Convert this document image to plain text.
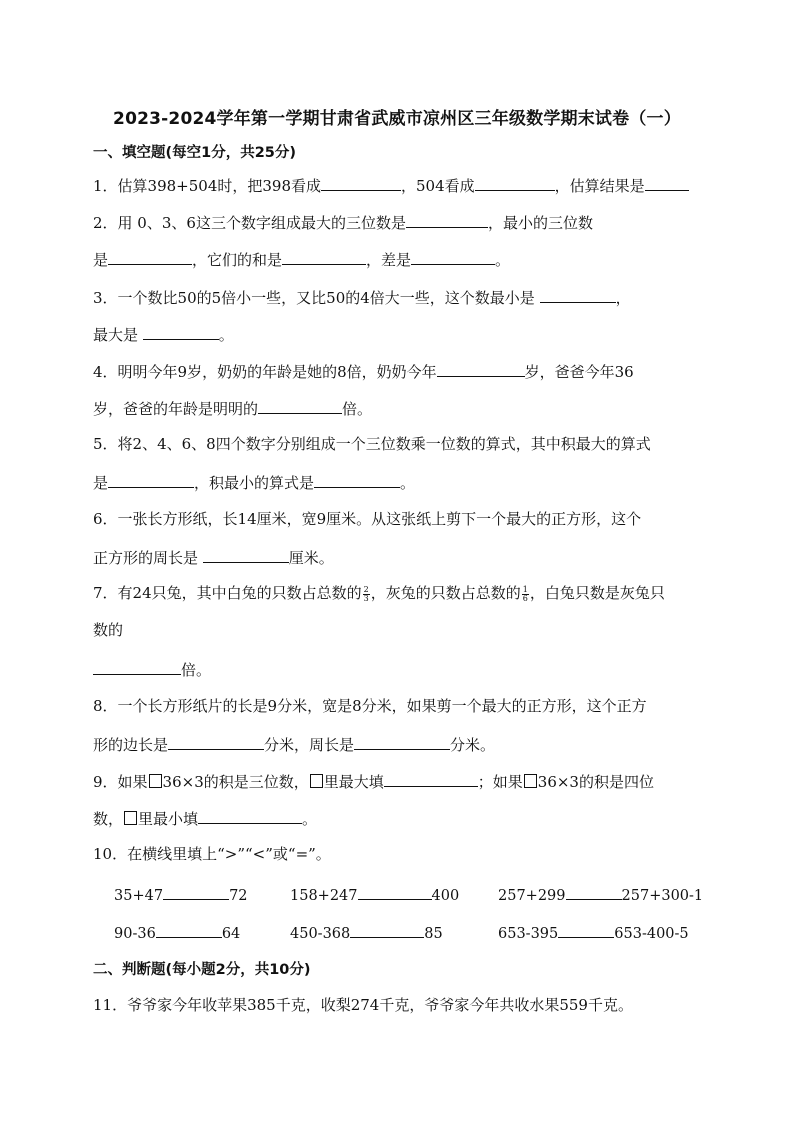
2023-2024学年第一学期甘肃省武威市凉州区三年级数学期末试卷（一）
一、填空题(每空1分，共25分)
1．估算398+504时，把398看成	，504看成	，估算结果是
2．用 0、3、6这三个数字组成最大的三位数是	，最小的三位数
是	，它们的和是	，差是	。
3．一个数比50的5倍小一些，又比50的4倍大一些，这个数最小是	，
最大是	。
4．明明今年9岁，奶奶的年龄是她的8倍，奶奶今年	岁，爸爸今年36
岁，爸爸的年龄是明明的	倍。
5．将2、4、6、8四个数字分别组成一个三位数乘一位数的算式，其中积最大的算式
是	，积最小的算式是	。
6．一张长方形纸，长14厘米，宽9厘米。从这张纸上剪下一个最大的正方形，这个
正方形的周长是	厘米。
7．有24只兔，其中白兔的只数占总数的 $\frac{2}{3}$ ，灰兔的只数占总数的 $\frac{1}{6}$ ，白兔只数是灰兔只
数的
倍。
8．一个长方形纸片的长是9分米，宽是8分米，如果剪一个最大的正方形，这个正方
形的边长是	分米，周长是	分米。
9．如果 36×3的积是三位数， 里最大填	；如果 36×3的积是四位
数， 里最小填	。
10．在横线里填上“>”“<”或“=”。
35+47	72	158+247	400	257+299	257+300-1
90-36	64	450-368	85	653-395	653-400-5
二、判断题(每小题2分，共10分)
11．爷爷家今年收苹果385千克，收梨274千克，爷爷家今年共收水果559千克。
